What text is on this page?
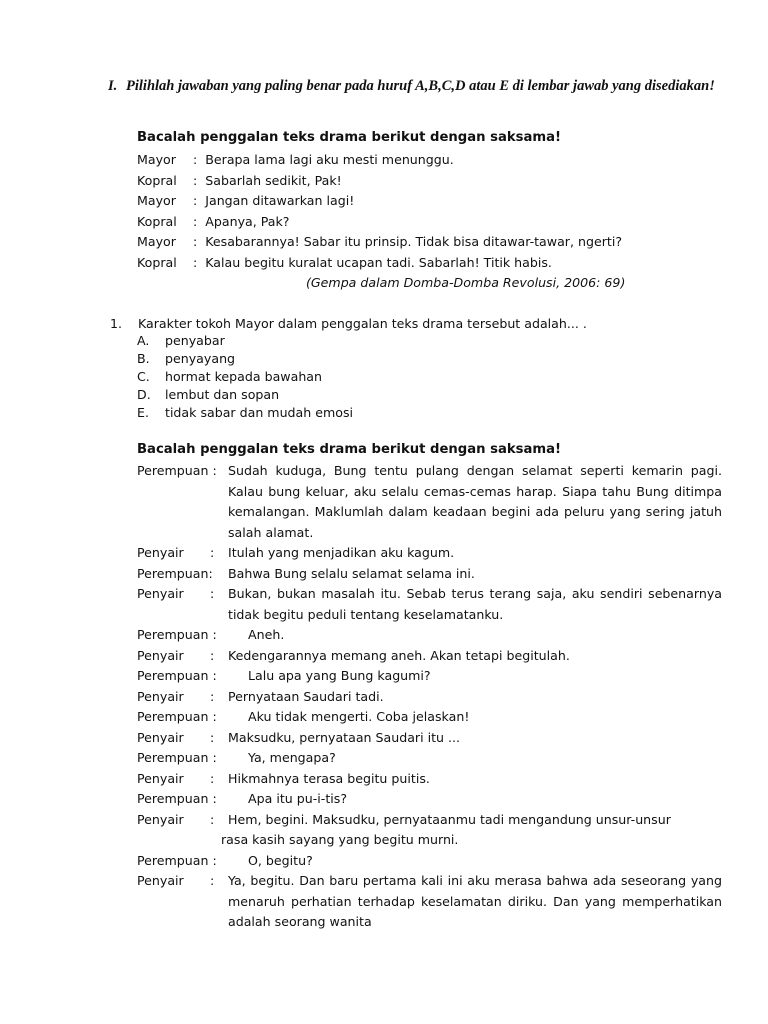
I. Pilihlah jawaban yang paling benar pada huruf A,B,C,D atau E di lembar jawab yang disediakan!
Bacalah penggalan teks drama berikut dengan saksama!
Mayor : Berapa lama lagi aku mesti menunggu.
Kopral : Sabarlah sedikit, Pak!
Mayor : Jangan ditawarkan lagi!
Kopral : Apanya, Pak?
Mayor : Kesabarannya! Sabar itu prinsip. Tidak bisa ditawar-tawar, ngerti?
Kopral : Kalau begitu kuralat ucapan tadi. Sabarlah! Titik habis.
(Gempa dalam Domba-Domba Revolusi, 2006: 69)
1. Karakter tokoh Mayor dalam penggalan teks drama tersebut adalah... .
A. penyabar
B. penyayang
C. hormat kepada bawahan
D. lembut dan sopan
E. tidak sabar dan mudah emosi
Bacalah penggalan teks drama berikut dengan saksama!
Perempuan : Sudah kuduga, Bung tentu pulang dengan selamat seperti kemarin pagi. Kalau bung keluar, aku selalu cemas-cemas harap. Siapa tahu Bung ditimpa kemalangan. Maklumlah dalam keadaan begini ada peluru yang sering jatuh salah alamat.
Penyair : Itulah yang menjadikan aku kagum.
Perempuan: Bahwa Bung selalu selamat selama ini.
Penyair : Bukan, bukan masalah itu. Sebab terus terang saja, aku sendiri sebenarnya tidak begitu peduli tentang keselamatanku.
Perempuan : Aneh.
Penyair : Kedengarannya memang aneh. Akan tetapi begitulah.
Perempuan : Lalu apa yang Bung kagumi?
Penyair : Pernyataan Saudari tadi.
Perempuan : Aku tidak mengerti. Coba jelaskan!
Penyair : Maksudku, pernyataan Saudari itu ...
Perempuan : Ya, mengapa?
Penyair : Hikmahnya terasa begitu puitis.
Perempuan : Apa itu pu-i-tis?
Penyair : Hem, begini. Maksudku, pernyataanmu tadi mengandung unsur-unsur
rasa kasih sayang yang begitu murni.
Perempuan : O, begitu?
Penyair : Ya, begitu. Dan baru pertama kali ini aku merasa bahwa ada seseorang yang menaruh perhatian terhadap keselamatan diriku. Dan yang memperhatikan adalah seorang wanita
